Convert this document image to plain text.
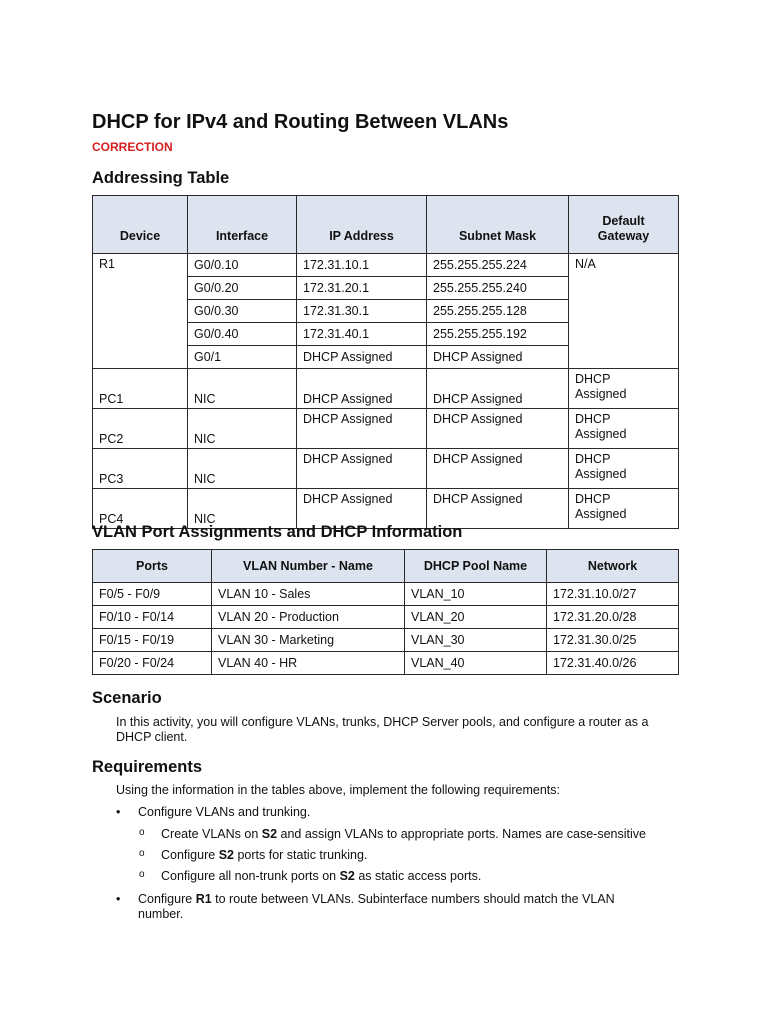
DHCP for IPv4 and Routing Between VLANs
CORRECTION
Addressing Table
Device	Interface	IP Address	Subnet Mask	Default Gateway

R1	G0/0.10	172.31.10.1	255.255.255.224	N/A
	G0/0.20	172.31.20.1	255.255.255.240	
	G0/0.30	172.31.30.1	255.255.255.128	
	G0/0.40	172.31.40.1	255.255.255.192	
	G0/1	DHCP Assigned	DHCP Assigned	
PC1	NIC	DHCP Assigned	DHCP Assigned	DHCP Assigned

PC2	NIC	DHCP Assigned	DHCP Assigned	DHCP Assigned

PC3	NIC	DHCP Assigned	DHCP Assigned	DHCP Assigned

PC4	NIC	DHCP Assigned	DHCP Assigned	DHCP Assigned
VLAN Port Assignments and DHCP Information
Ports	VLAN Number - Name	DHCP Pool Name	Network
F0/5 - F0/9	VLAN 10 - Sales	VLAN_10	172.31.10.0/27
F0/10 - F0/14	VLAN 20 - Production	VLAN_20	172.31.20.0/28
F0/15 - F0/19	VLAN 30 - Marketing	VLAN_30	172.31.30.0/25
F0/20 - F0/24	VLAN 40 - HR	VLAN_40	172.31.40.0/26
Scenario
In this activity, you will configure VLANs, trunks, DHCP Server pools, and configure a router as a DHCP client.
Requirements
Using the information in the tables above, implement the following requirements:
• Configure VLANs and trunking.
o Create VLANs on S2 and assign VLANs to appropriate ports. Names are case-sensitive
o Configure S2 ports for static trunking.
o Configure all non-trunk ports on S2 as static access ports.
• Configure R1 to route between VLANs. Subinterface numbers should match the VLAN number.
